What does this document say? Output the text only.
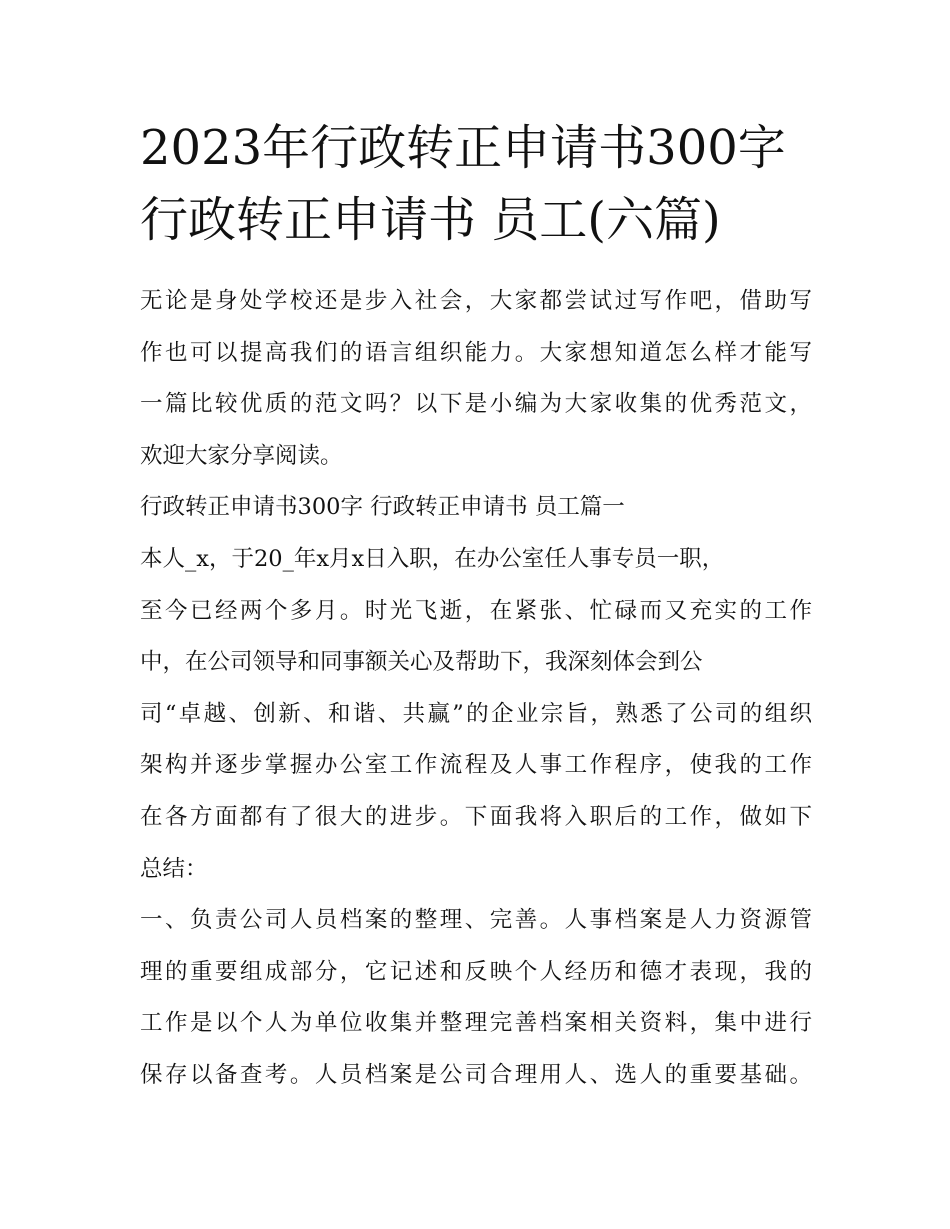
2023年行政转正申请书300字
行政转正申请书 员工(六篇)
无论是身处学校还是步入社会，大家都尝试过写作吧，借助写
作也可以提高我们的语言组织能力。大家想知道怎么样才能写
一篇比较优质的范文吗？以下是小编为大家收集的优秀范文，
欢迎大家分享阅读。
行政转正申请书300字 行政转正申请书 员工篇一
本人_x，于20_年x月x日入职，在办公室任人事专员一职，
至今已经两个多月。时光飞逝，在紧张、忙碌而又充实的工作
中，在公司领导和同事额关心及帮助下，我深刻体会到公
司“卓越、创新、和谐、共赢”的企业宗旨，熟悉了公司的组织
架构并逐步掌握办公室工作流程及人事工作程序，使我的工作
在各方面都有了很大的进步。下面我将入职后的工作，做如下
总结：
一、负责公司人员档案的整理、完善。人事档案是人力资源管
理的重要组成部分，它记述和反映个人经历和德才表现，我的
工作是以个人为单位收集并整理完善档案相关资料，集中进行
保存以备查考。人员档案是公司合理用人、选人的重要基础。
